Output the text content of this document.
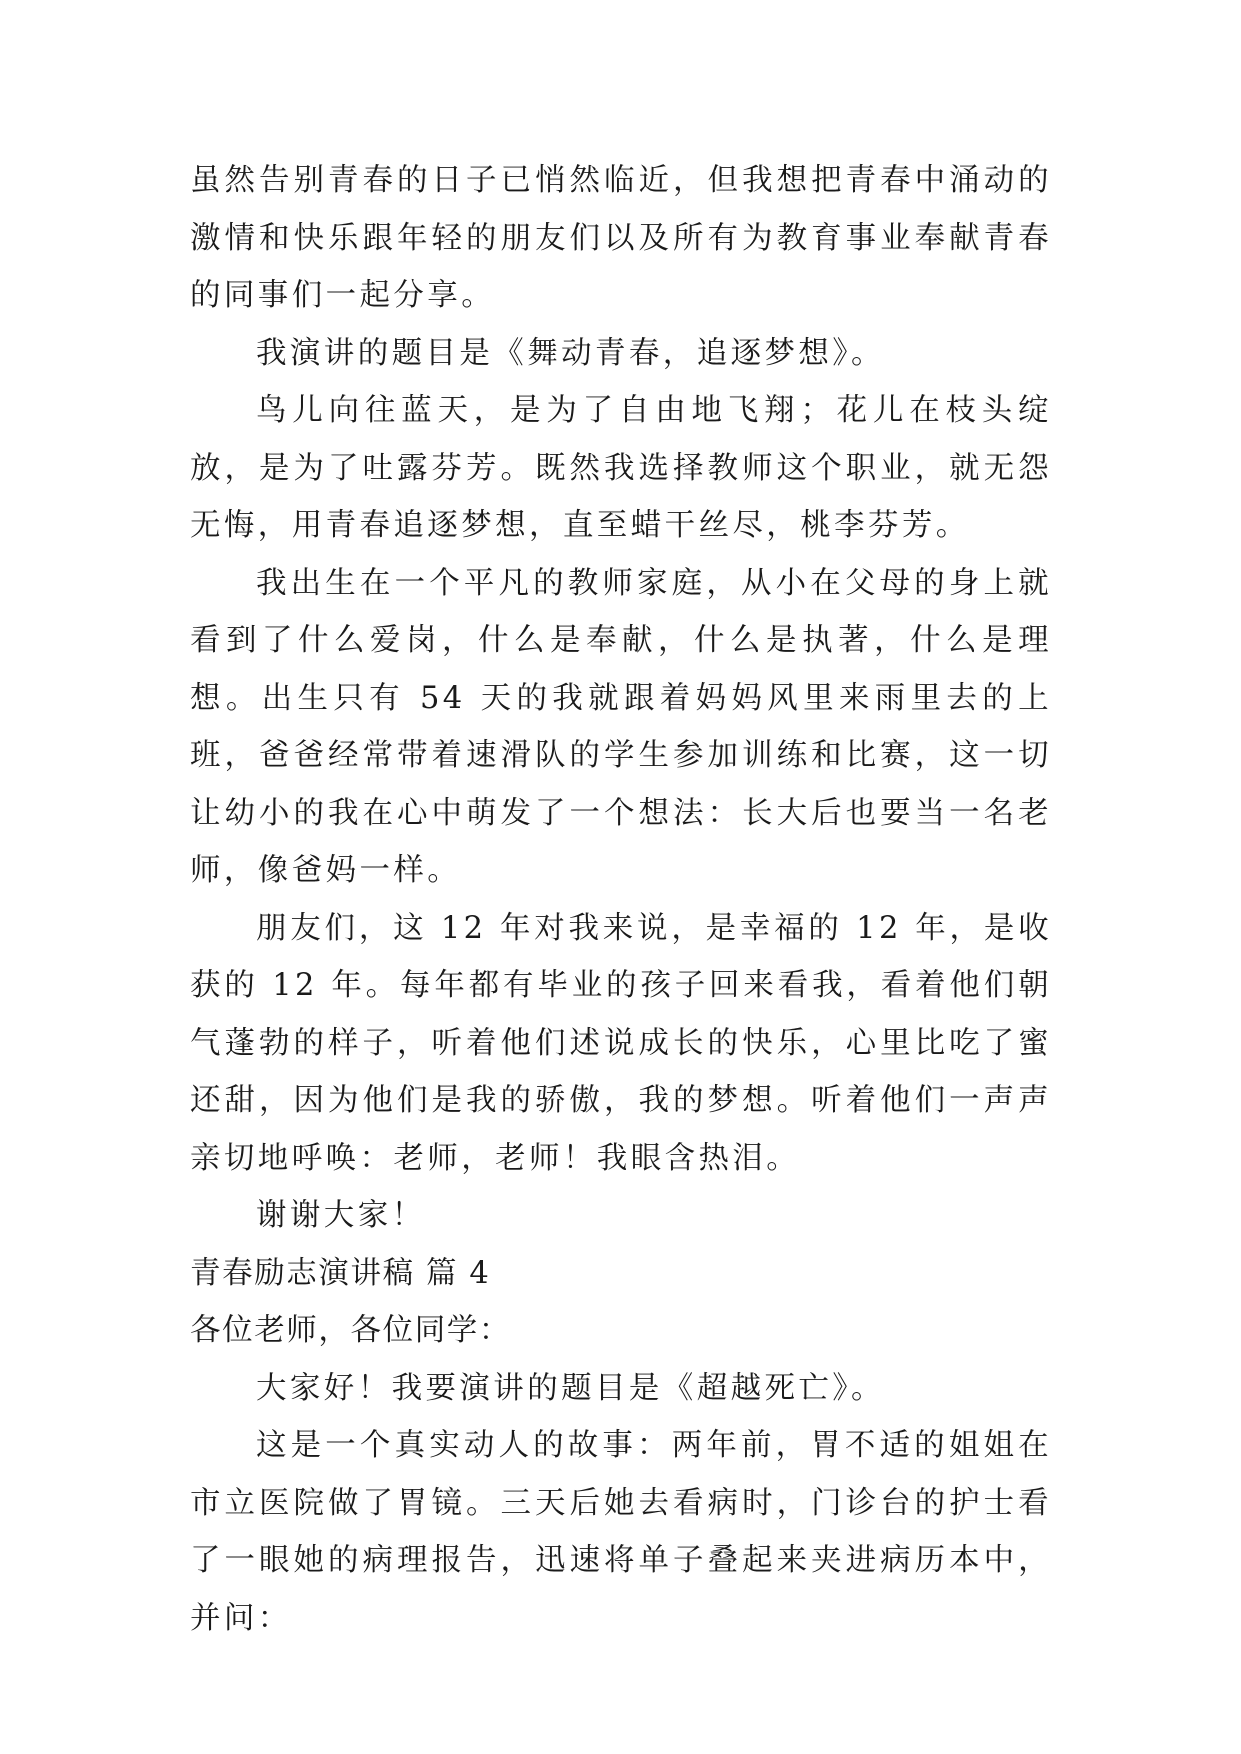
虽然告别青春的日子已悄然临近，但我想把青春中涌动的激情和快乐跟年轻的朋友们以及所有为教育事业奉献青春的同事们一起分享。

我演讲的题目是《舞动青春，追逐梦想》。

鸟儿向往蓝天，是为了自由地飞翔；花儿在枝头绽放，是为了吐露芬芳。既然我选择教师这个职业，就无怨无悔，用青春追逐梦想，直至蜡干丝尽，桃李芬芳。

我出生在一个平凡的教师家庭，从小在父母的身上就看到了什么爱岗，什么是奉献，什么是执著，什么是理想。出生只有 54 天的我就跟着妈妈风里来雨里去的上班，爸爸经常带着速滑队的学生参加训练和比赛，这一切让幼小的我在心中萌发了一个想法：长大后也要当一名老师，像爸妈一样。

朋友们，这 12 年对我来说，是幸福的 12 年，是收获的 12 年。每年都有毕业的孩子回来看我，看着他们朝气蓬勃的样子，听着他们述说成长的快乐，心里比吃了蜜还甜，因为他们是我的骄傲，我的梦想。听着他们一声声亲切地呼唤：老师，老师！我眼含热泪。

谢谢大家！

青春励志演讲稿 篇 4

各位老师，各位同学：

大家好！我要演讲的题目是《超越死亡》。

这是一个真实动人的故事：两年前，胃不适的姐姐在市立医院做了胃镜。三天后她去看病时，门诊台的护士看了一眼她的病理报告，迅速将单子叠起来夹进病历本中，并问：
